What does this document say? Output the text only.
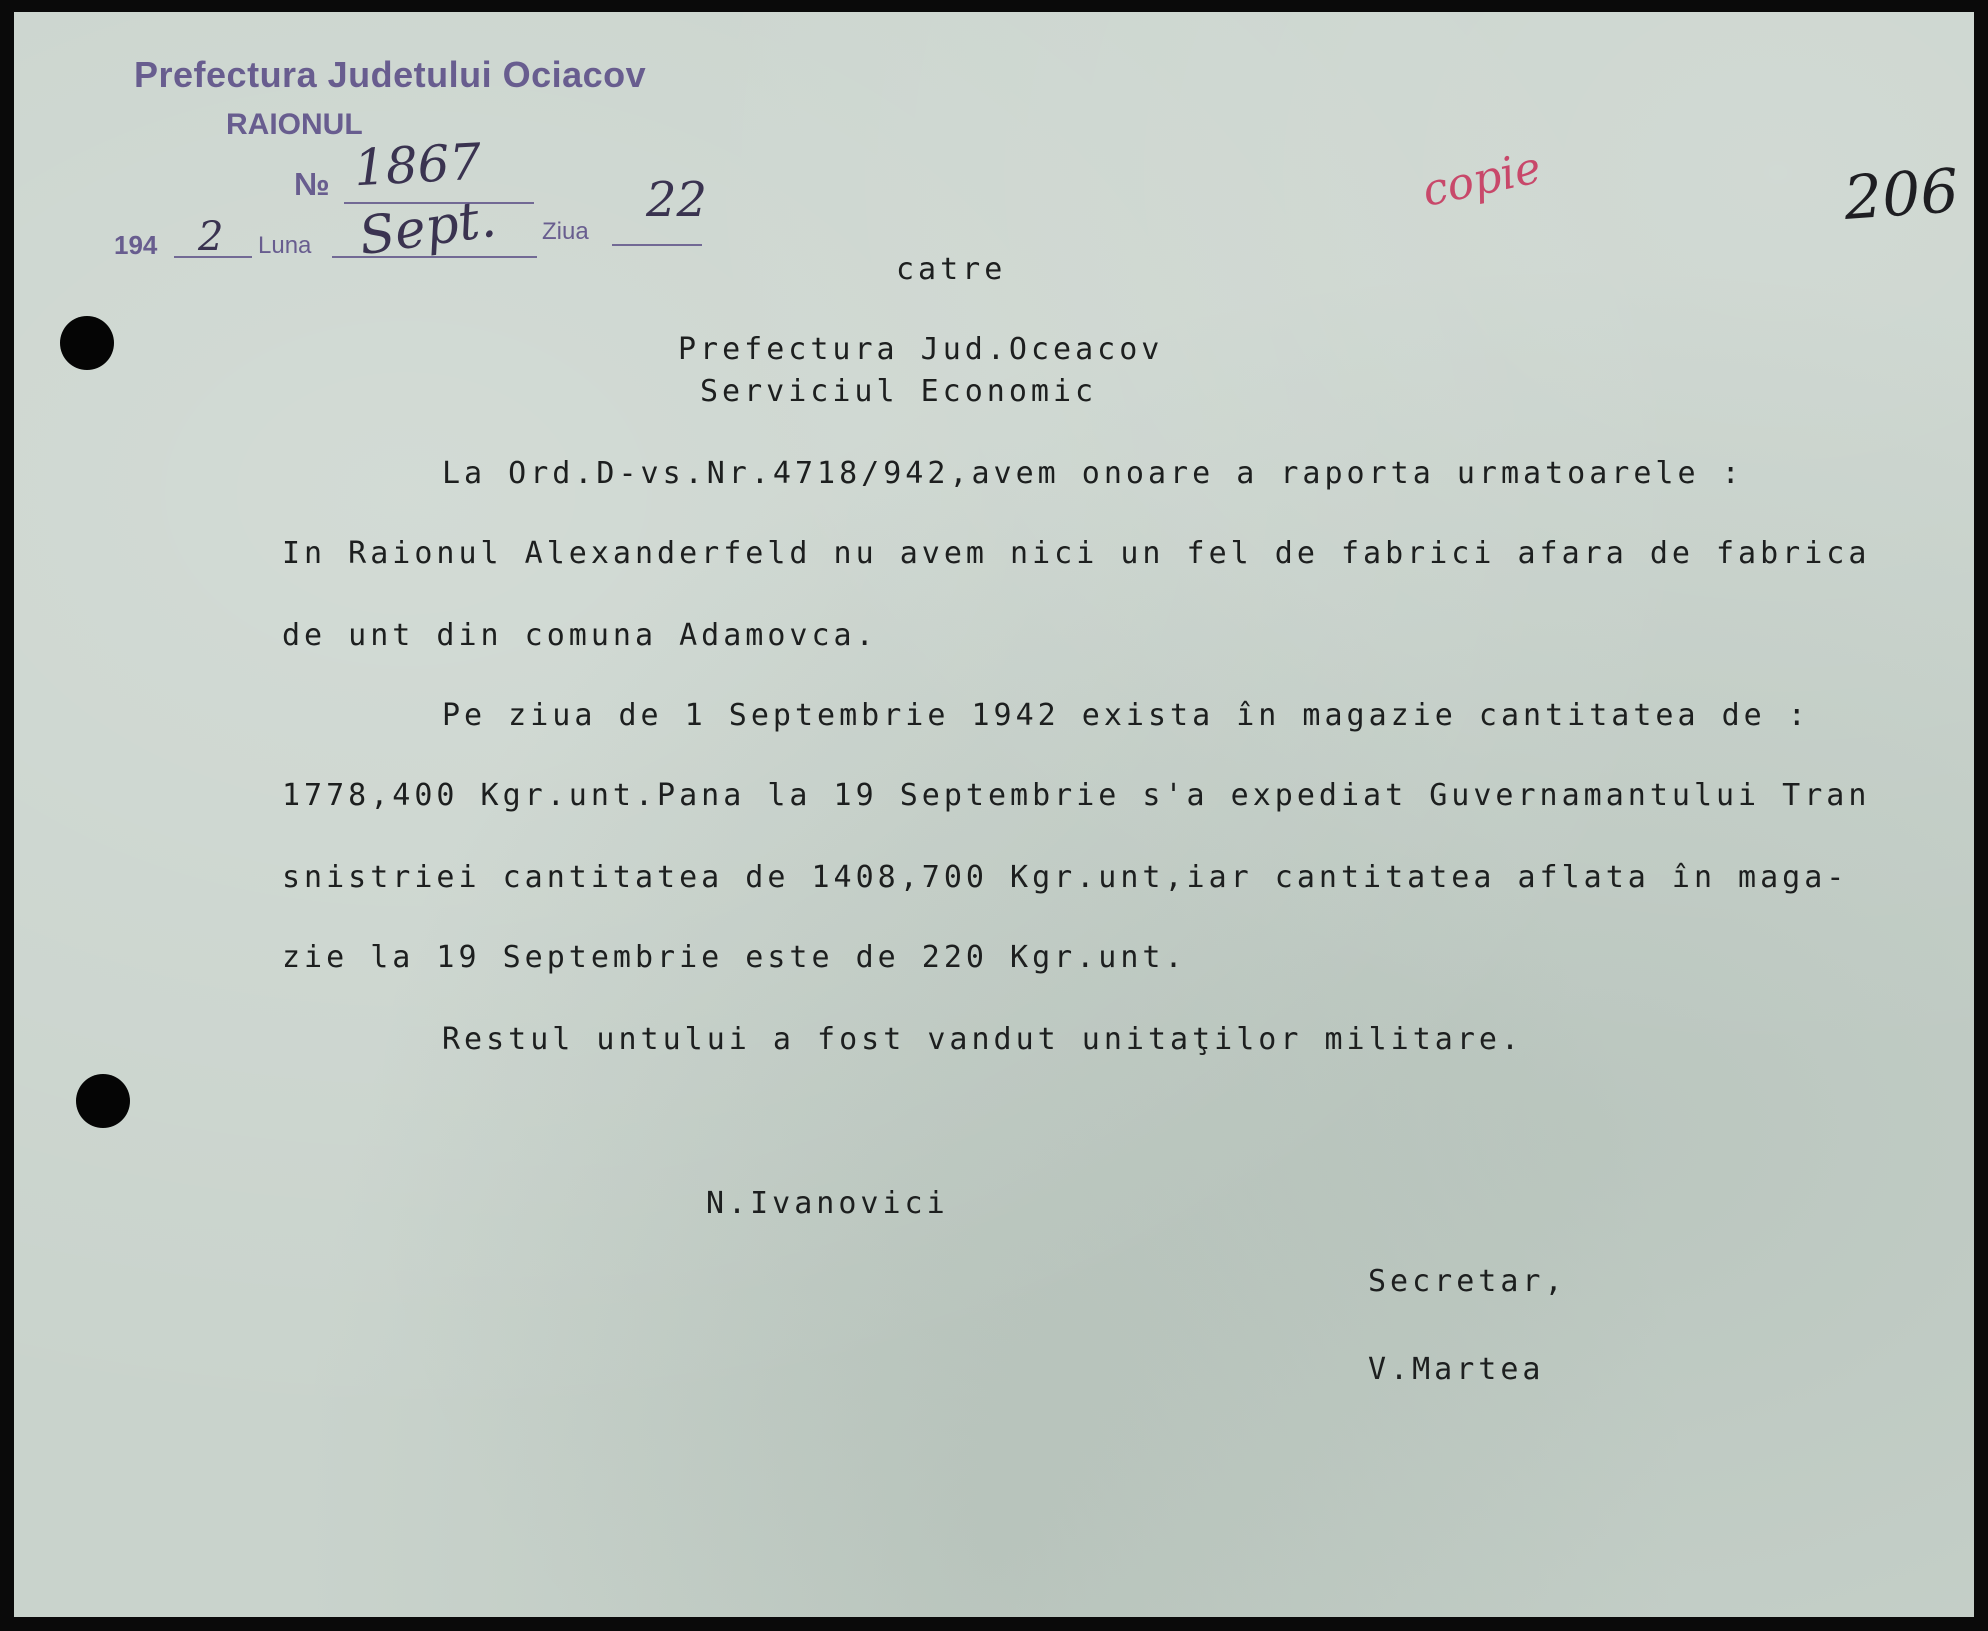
Prefectura Judetului Ociacov
RAIONUL
№
194	Luna
Ziua
1867
2	Sept.	22	copie	206
catre
Prefectura Jud.Oceacov
Serviciul Economic
La Ord.D-vs.Nr.4718/942,avem onoare a raporta urmatoarele :
In Raionul Alexanderfeld nu avem nici un fel de fabrici afara de fabrica
de unt din comuna Adamovca.
Pe ziua de 1 Septembrie 1942 exista în magazie cantitatea de :
1778,400 Kgr.unt.Pana la 19 Septembrie s'a expediat Guvernamantului Tran
snistriei cantitatea de 1408,700 Kgr.unt,iar cantitatea aflata în maga-
zie la 19 Septembrie este de 220 Kgr.unt.
Restul untului a fost vandut unitaţilor militare.
N.Ivanovici
Secretar,
V.Martea
